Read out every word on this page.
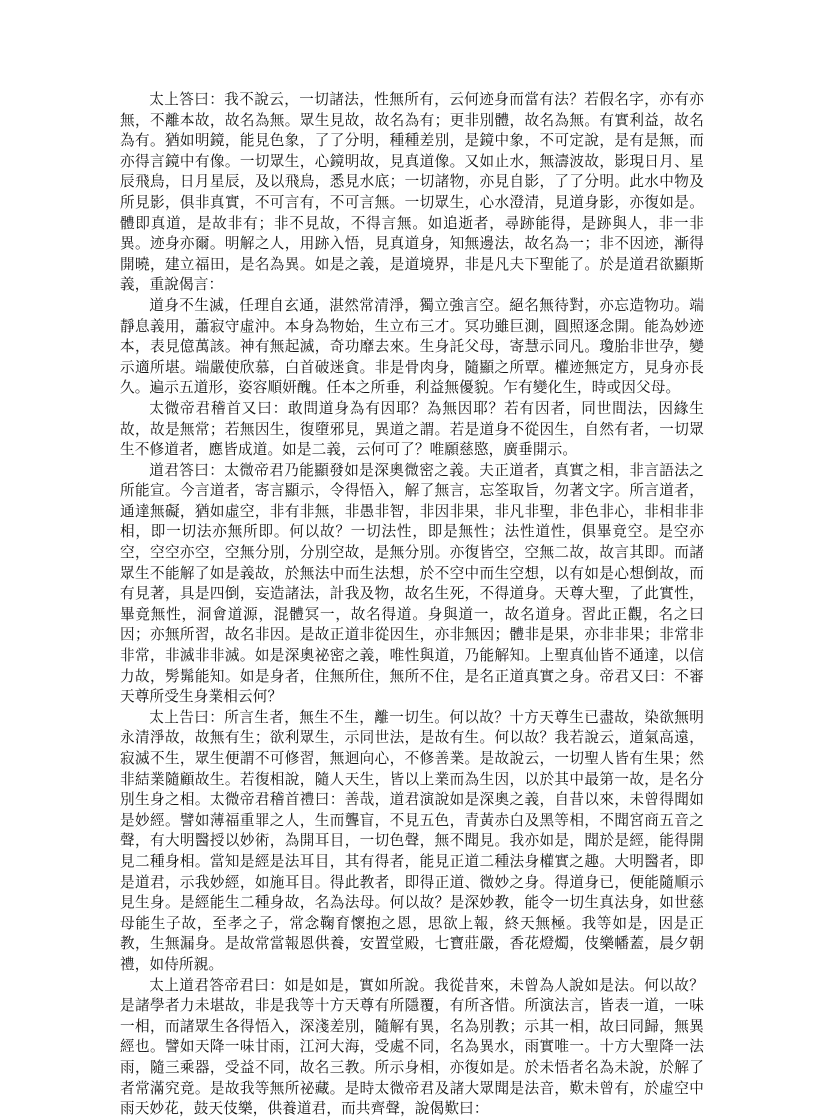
太上答曰：我不說云，一切諸法，性無所有，云何迹身而當有法？若假名字，亦有亦無，不離本故，故名為無。眾生見故，故名為有；更非別體，故名為無。有實利益，故名為有。猶如明鏡，能見色象，了了分明，種種差別，是鏡中象，不可定說，是有是無，而亦得言鏡中有像。一切眾生，心鏡明故，見真道像。又如止水，無濤波故，影現日月、星辰飛鳥，日月星辰，及以飛鳥，悉見水底；一切諸物，亦見自影，了了分明。此水中物及所見影，俱非真實，不可言有，不可言無。一切眾生，心水澄清，見道身影，亦復如是。體即真道，是故非有；非不見故，不得言無。如追逝者，尋跡能得，是跡與人，非一非異。迹身亦爾。明解之人，用跡入悟，見真道身，知無邊法，故名為一；非不因迹，漸得開曉，建立福田，是名為異。如是之義，是道境界，非是凡夫下聖能了。於是道君欲顯斯義，重說偈言：

道身不生滅，任理自玄通，湛然常清淨，獨立強言空。絕名無待對，亦忘造物功。端靜息義用，蕭寂守虛沖。本身為物始，生立布三才。冥功雖巨測，圓照逐念開。能為妙迹本，表見億萬該。神有無起滅，奇功靡去來。生身託父母，寄慧示同凡。瓊胎非世孕，變示適所堪。端嚴使欣慕，白首破迷貪。非是骨肉身，隨顯之所覃。權迹無定方，見身亦長久。遍示五道形，姿容順妍醜。任本之所垂，利益無優貌。乍有變化生，時或因父母。

太微帝君稽首又曰：敢問道身為有因耶？為無因耶？若有因者，同世間法，因緣生故，故是無常；若無因生，復墮邪見，異道之謂。若是道身不從因生，自然有者，一切眾生不修道者，應皆成道。如是二義，云何可了？唯願慈愍，廣垂開示。

道君答曰：太微帝君乃能顯發如是深奧微密之義。夫正道者，真實之相，非言語法之所能宣。今言道者，寄言顯示，令得悟入，解了無言，忘筌取旨，勿著文字。所言道者，通達無礙，猶如虛空，非有非無，非愚非智，非因非果，非凡非聖，非色非心，非相非非相，即一切法亦無所即。何以故？一切法性，即是無性；法性道性，俱畢竟空。是空亦空，空空亦空，空無分別，分別空故，是無分別。亦復皆空，空無二故，故言其即。而諸眾生不能解了如是義故，於無法中而生法想，於不空中而生空想，以有如是心想倒故，而有見著，具是四倒，妄造諸法，計我及物，故名生死，不得道身。天尊大聖，了此實性，畢竟無性，洞會道源，混體冥一，故名得道。身與道一，故名道身。習此正觀，名之曰因；亦無所習，故名非因。是故正道非從因生，亦非無因；體非是果，亦非非果；非常非非常，非滅非非滅。如是深奧祕密之義，唯性與道，乃能解知。上聖真仙皆不通達，以信力故，髣髴能知。如是身者，住無所住，無所不住，是名正道真實之身。帝君又曰：不審天尊所受生身業相云何？

太上告曰：所言生者，無生不生，離一切生。何以故？十方天尊生已盡故，染欲無明永清淨故，故無有生；欲利眾生，示同世法，是故有生。何以故？我若說云，道氣高遠，寂滅不生，眾生便謂不可修習，無迴向心，不修善業。是故說云，一切聖人皆有生果；然非結業隨顧故生。若復相說，隨人天生，皆以上業而為生因，以於其中最第一故，是名分別生身之相。太微帝君稽首禮曰：善哉，道君演說如是深奧之義，自昔以來，未曾得聞如是妙經。譬如薄福重罪之人，生而聾盲，不見五色，青黃赤白及黑等相，不聞宮商五音之聲，有大明醫授以妙術，為開耳目，一切色聲，無不聞見。我亦如是，聞於是經，能得開見二種身相。當知是經是法耳目，其有得者，能見正道二種法身權實之趣。大明醫者，即是道君，示我妙經，如施耳目。得此教者，即得正道、微妙之身。得道身已，便能隨順示見生身。是經能生二種身故，名為法母。何以故？是深妙教，能令一切生真法身，如世慈母能生子故，至孝之子，常念鞠育懷抱之恩，思欲上報，終天無極。我等如是，因是正教，生無漏身。是故常當報恩供養，安置堂殿，七寶莊嚴，香花燈燭，伎樂幡蓋，晨夕朝禮，如侍所親。

太上道君答帝君曰：如是如是，實如所說。我從昔來，未曾為人說如是法。何以故？是諸學者力未堪故，非是我等十方天尊有所隱覆，有所吝惜。所演法言，皆表一道，一味一相，而諸眾生各得悟入，深淺差別，隨解有異，名為別教；示其一相，故曰同歸，無異經也。譬如天降一味甘雨，江河大海，受處不同，名為異水，雨實唯一。十方大聖降一法雨，隨三乘器，受益不同，故名三教。所示身相，亦復如是。於未悟者名為未說，於解了者常滿究竟。是故我等無所祕藏。是時太微帝君及諸大眾聞是法音，歎未曾有，於虛空中雨天妙花，鼓天伎樂，供養道君，而共齊聲，說偈歎曰：
